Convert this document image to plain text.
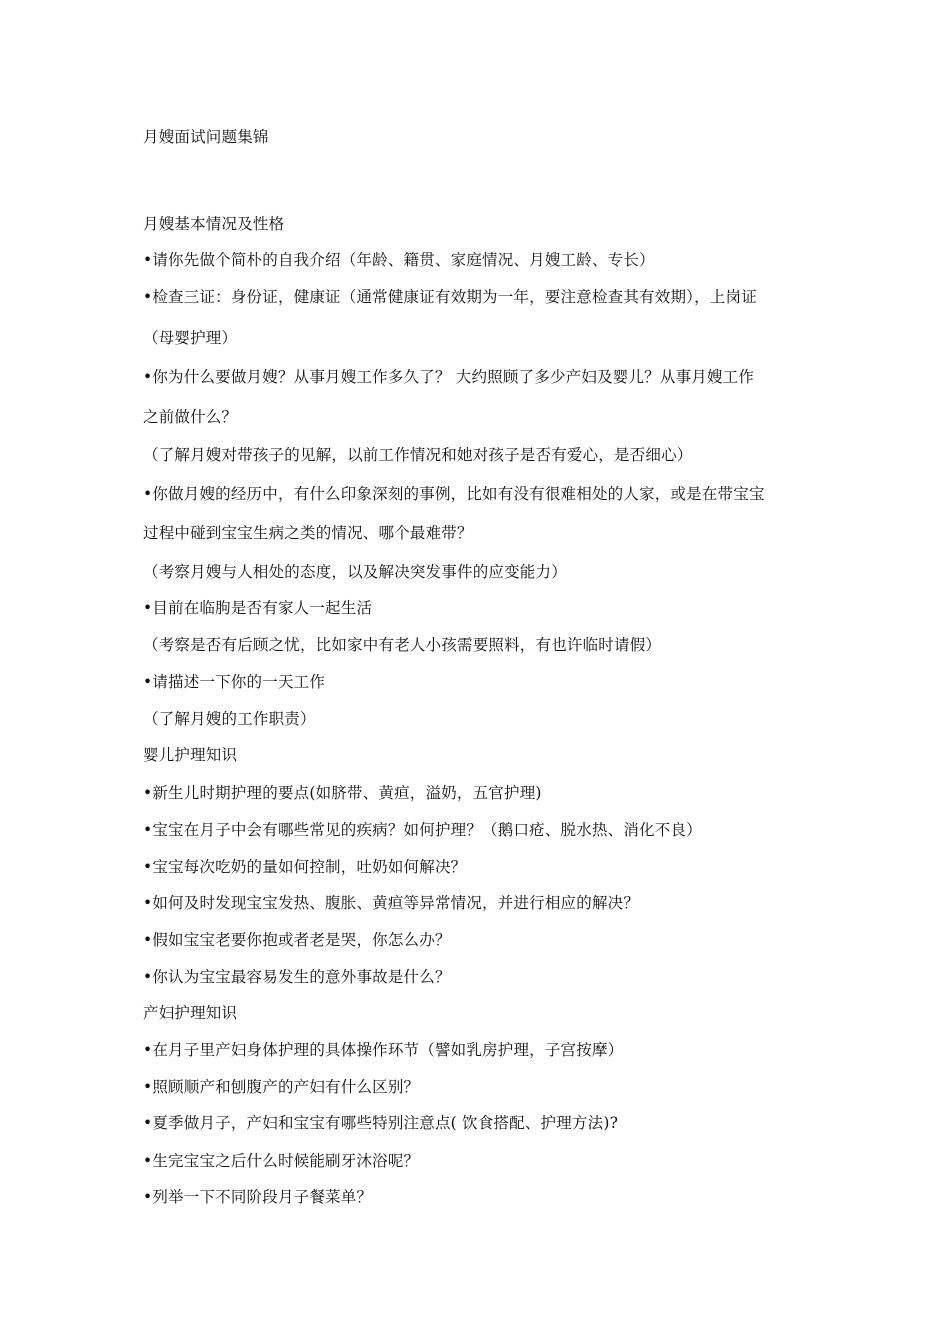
月嫂面试问题集锦
月嫂基本情况及性格
•请你先做个简朴的自我介绍（年龄、籍贯、家庭情况、月嫂工龄、专长）
•检查三证：身份证，健康证（通常健康证有效期为一年，要注意检查其有效期），上岗证
（母婴护理）
•你为什么要做月嫂？从事月嫂工作多久了？ 大约照顾了多少产妇及婴儿？从事月嫂工作
之前做什么？
（了解月嫂对带孩子的见解，以前工作情况和她对孩子是否有爱心，是否细心）
•你做月嫂的经历中，有什么印象深刻的事例，比如有没有很难相处的人家，或是在带宝宝
过程中碰到宝宝生病之类的情况、哪个最难带？
（考察月嫂与人相处的态度，以及解决突发事件的应变能力）
•目前在临朐是否有家人一起生活
（考察是否有后顾之忧，比如家中有老人小孩需要照料，有也许临时请假）
•请描述一下你的一天工作
（了解月嫂的工作职责）
婴儿护理知识
•新生儿时期护理的要点(如脐带、黄疸，溢奶，五官护理)
•宝宝在月子中会有哪些常见的疾病？如何护理？（鹅口疮、脱水热、消化不良）
•宝宝每次吃奶的量如何控制，吐奶如何解决？
•如何及时发现宝宝发热、腹胀、黄疸等异常情况，并进行相应的解决？
•假如宝宝老要你抱或者老是哭，你怎么办？
•你认为宝宝最容易发生的意外事故是什么？
产妇护理知识
•在月子里产妇身体护理的具体操作环节（譬如乳房护理，子宫按摩）
•照顾顺产和刨腹产的产妇有什么区别？
•夏季做月子，产妇和宝宝有哪些特别注意点( 饮食搭配、护理方法)?
•生完宝宝之后什么时候能刷牙沐浴呢？
•列举一下不同阶段月子餐菜单？
